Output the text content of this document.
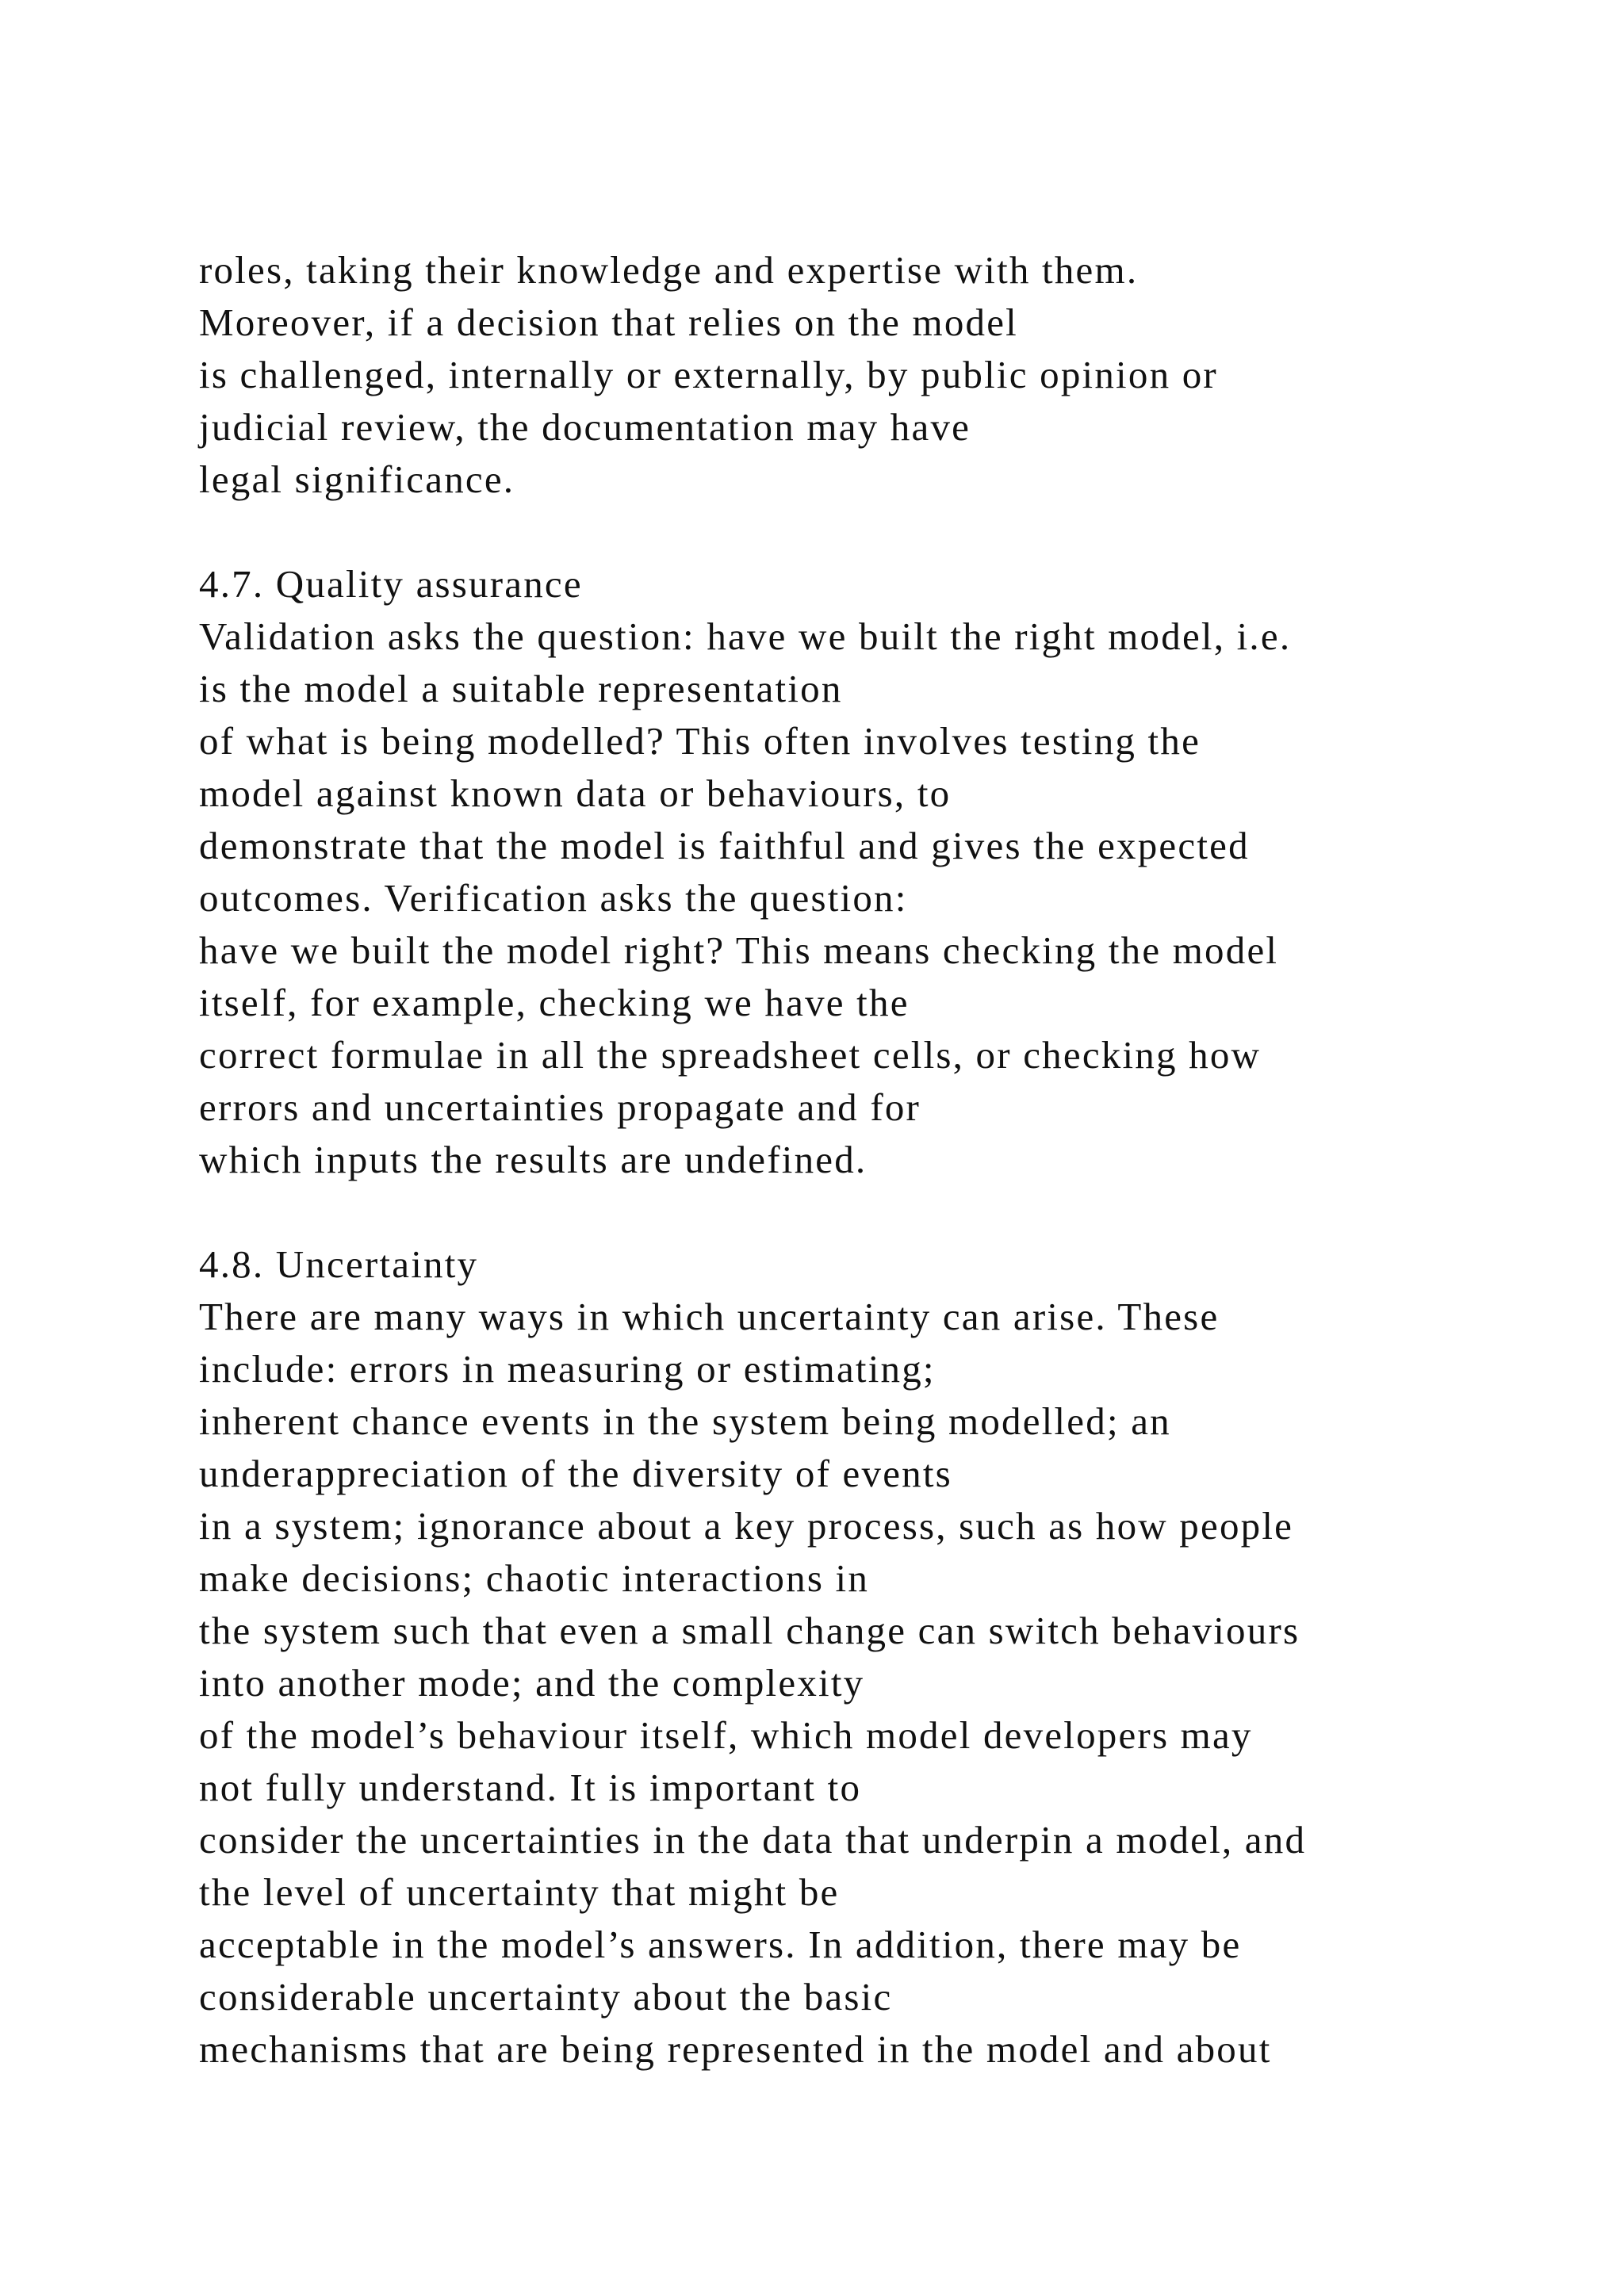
roles, taking their knowledge and expertise with them.
Moreover, if a decision that relies on the model
is challenged, internally or externally, by public opinion or
judicial review, the documentation may have
legal significance.
4.7. Quality assurance
Validation asks the question: have we built the right model, i.e.
is the model a suitable representation
of what is being modelled? This often involves testing the
model against known data or behaviours, to
demonstrate that the model is faithful and gives the expected
outcomes. Verification asks the question:
have we built the model right? This means checking the model
itself, for example, checking we have the
correct formulae in all the spreadsheet cells, or checking how
errors and uncertainties propagate and for
which inputs the results are undefined.
4.8. Uncertainty
There are many ways in which uncertainty can arise. These
include: errors in measuring or estimating;
inherent chance events in the system being modelled; an
underappreciation of the diversity of events
in a system; ignorance about a key process, such as how people
make decisions; chaotic interactions in
the system such that even a small change can switch behaviours
into another mode; and the complexity
of the model’s behaviour itself, which model developers may
not fully understand. It is important to
consider the uncertainties in the data that underpin a model, and
the level of uncertainty that might be
acceptable in the model’s answers. In addition, there may be
considerable uncertainty about the basic
mechanisms that are being represented in the model and about
